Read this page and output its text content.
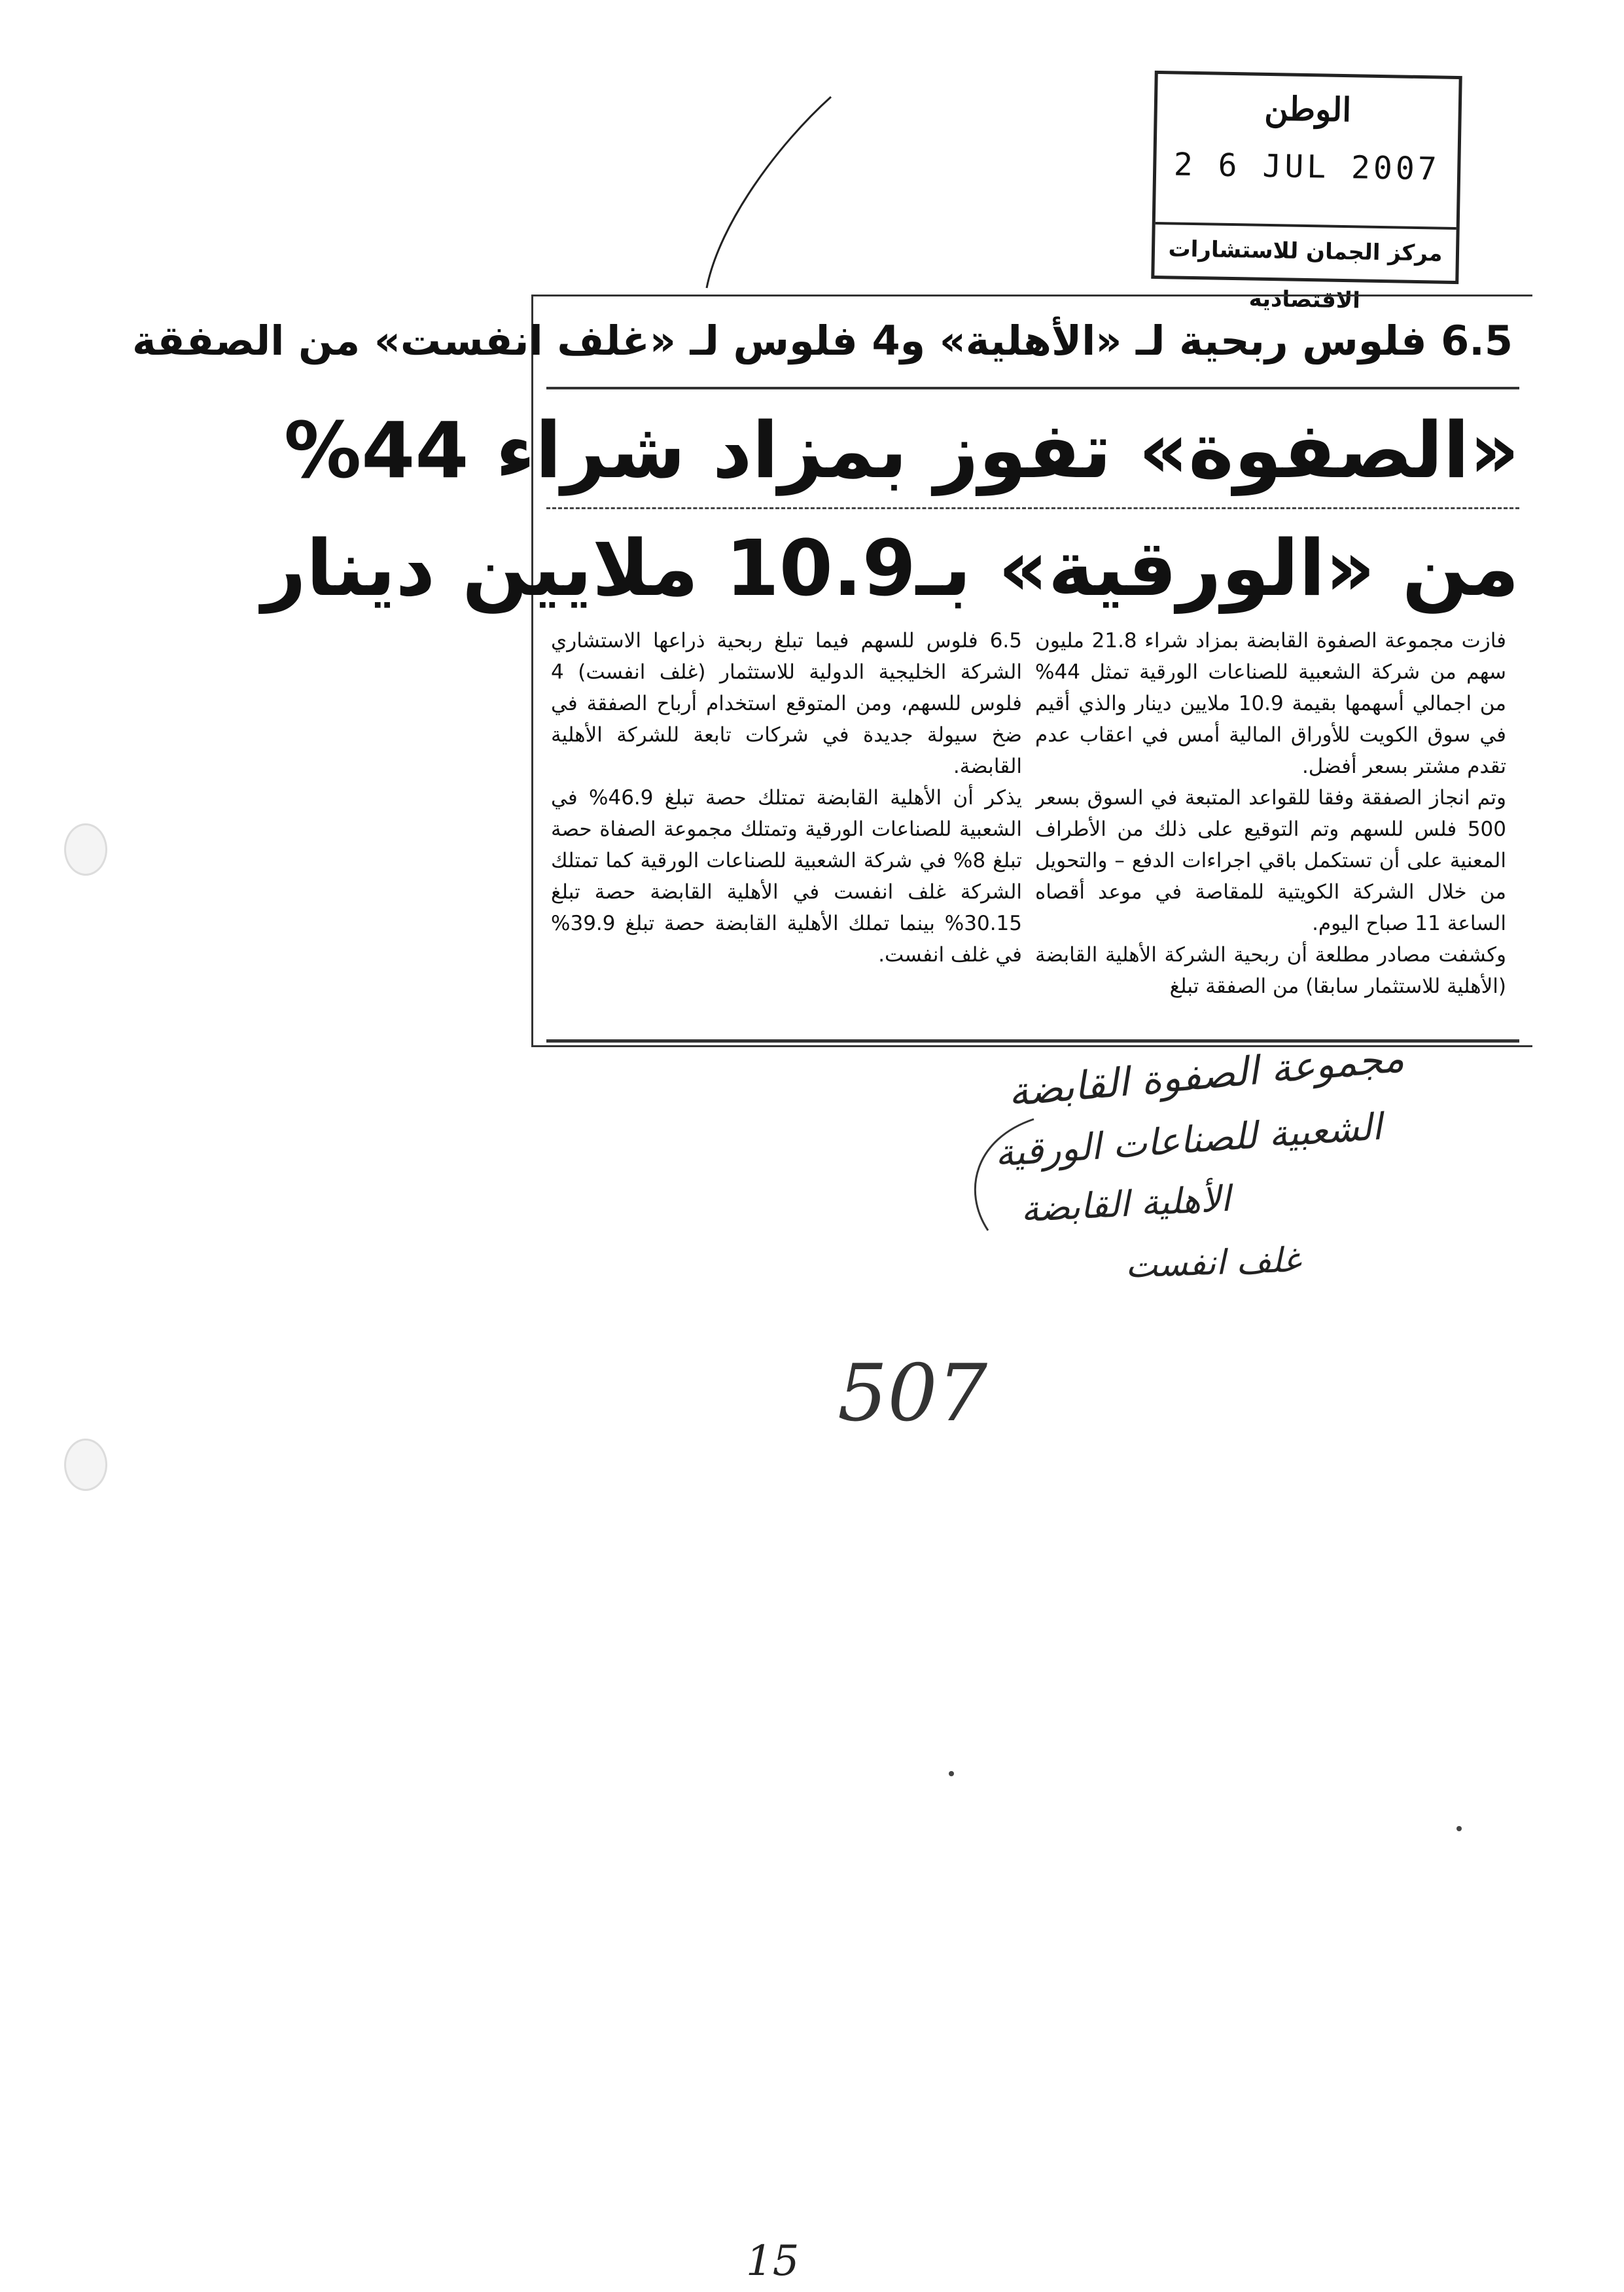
الوطن
2 6 JUL 2007
مركز الجمان للاستشارات الاقتصادية
6.5 فلوس ربحية لـ «الأهلية» و4 فلوس لـ «غلف انفست» من الصفقة
«الصفوة» تفوز بمزاد شراء 44%
من «الورقية» بـ10.9 ملايين دينار

فازت مجموعة الصفوة القابضة بمزاد شراء 21.8 مليون سهم من شركة الشعبية للصناعات الورقية تمثل 44% من اجمالي أسهمها بقيمة 10.9 ملايين دينار والذي أقيم في سوق الكويت للأوراق المالية أمس في اعقاب عدم تقدم مشتر بسعر أفضل.

وتم انجاز الصفقة وفقا للقواعد المتبعة في السوق بسعر 500 فلس للسهم وتم التوقيع على ذلك من الأطراف المعنية على أن تستكمل باقي اجراءات الدفع – والتحويل من خلال الشركة الكويتية للمقاصة في موعد أقصاه الساعة 11 صباح اليوم.

وكشفت مصادر مطلعة أن ربحية الشركة الأهلية القابضة (الأهلية للاستثمار سابقا) من الصفقة تبلغ

6.5 فلوس للسهم فيما تبلغ ربحية ذراعها الاستشاري الشركة الخليجية الدولية للاستثمار (غلف انفست) 4 فلوس للسهم، ومن المتوقع استخدام أرباح الصفقة في ضخ سيولة جديدة في شركات تابعة للشركة الأهلية القابضة.

يذكر أن الأهلية القابضة تمتلك حصة تبلغ 46.9% في الشعبية للصناعات الورقية وتمتلك مجموعة الصفاة حصة تبلغ 8% في شركة الشعبية للصناعات الورقية كما تمتلك الشركة غلف انفست في الأهلية القابضة حصة تبلغ 30.15% بينما تملك الأهلية القابضة حصة تبلغ 39.9% في غلف انفست.

مجموعة الصفوة القابضة
الشعبية للصناعات الورقية
الأهلية القابضة
غلف انفست
507
15
